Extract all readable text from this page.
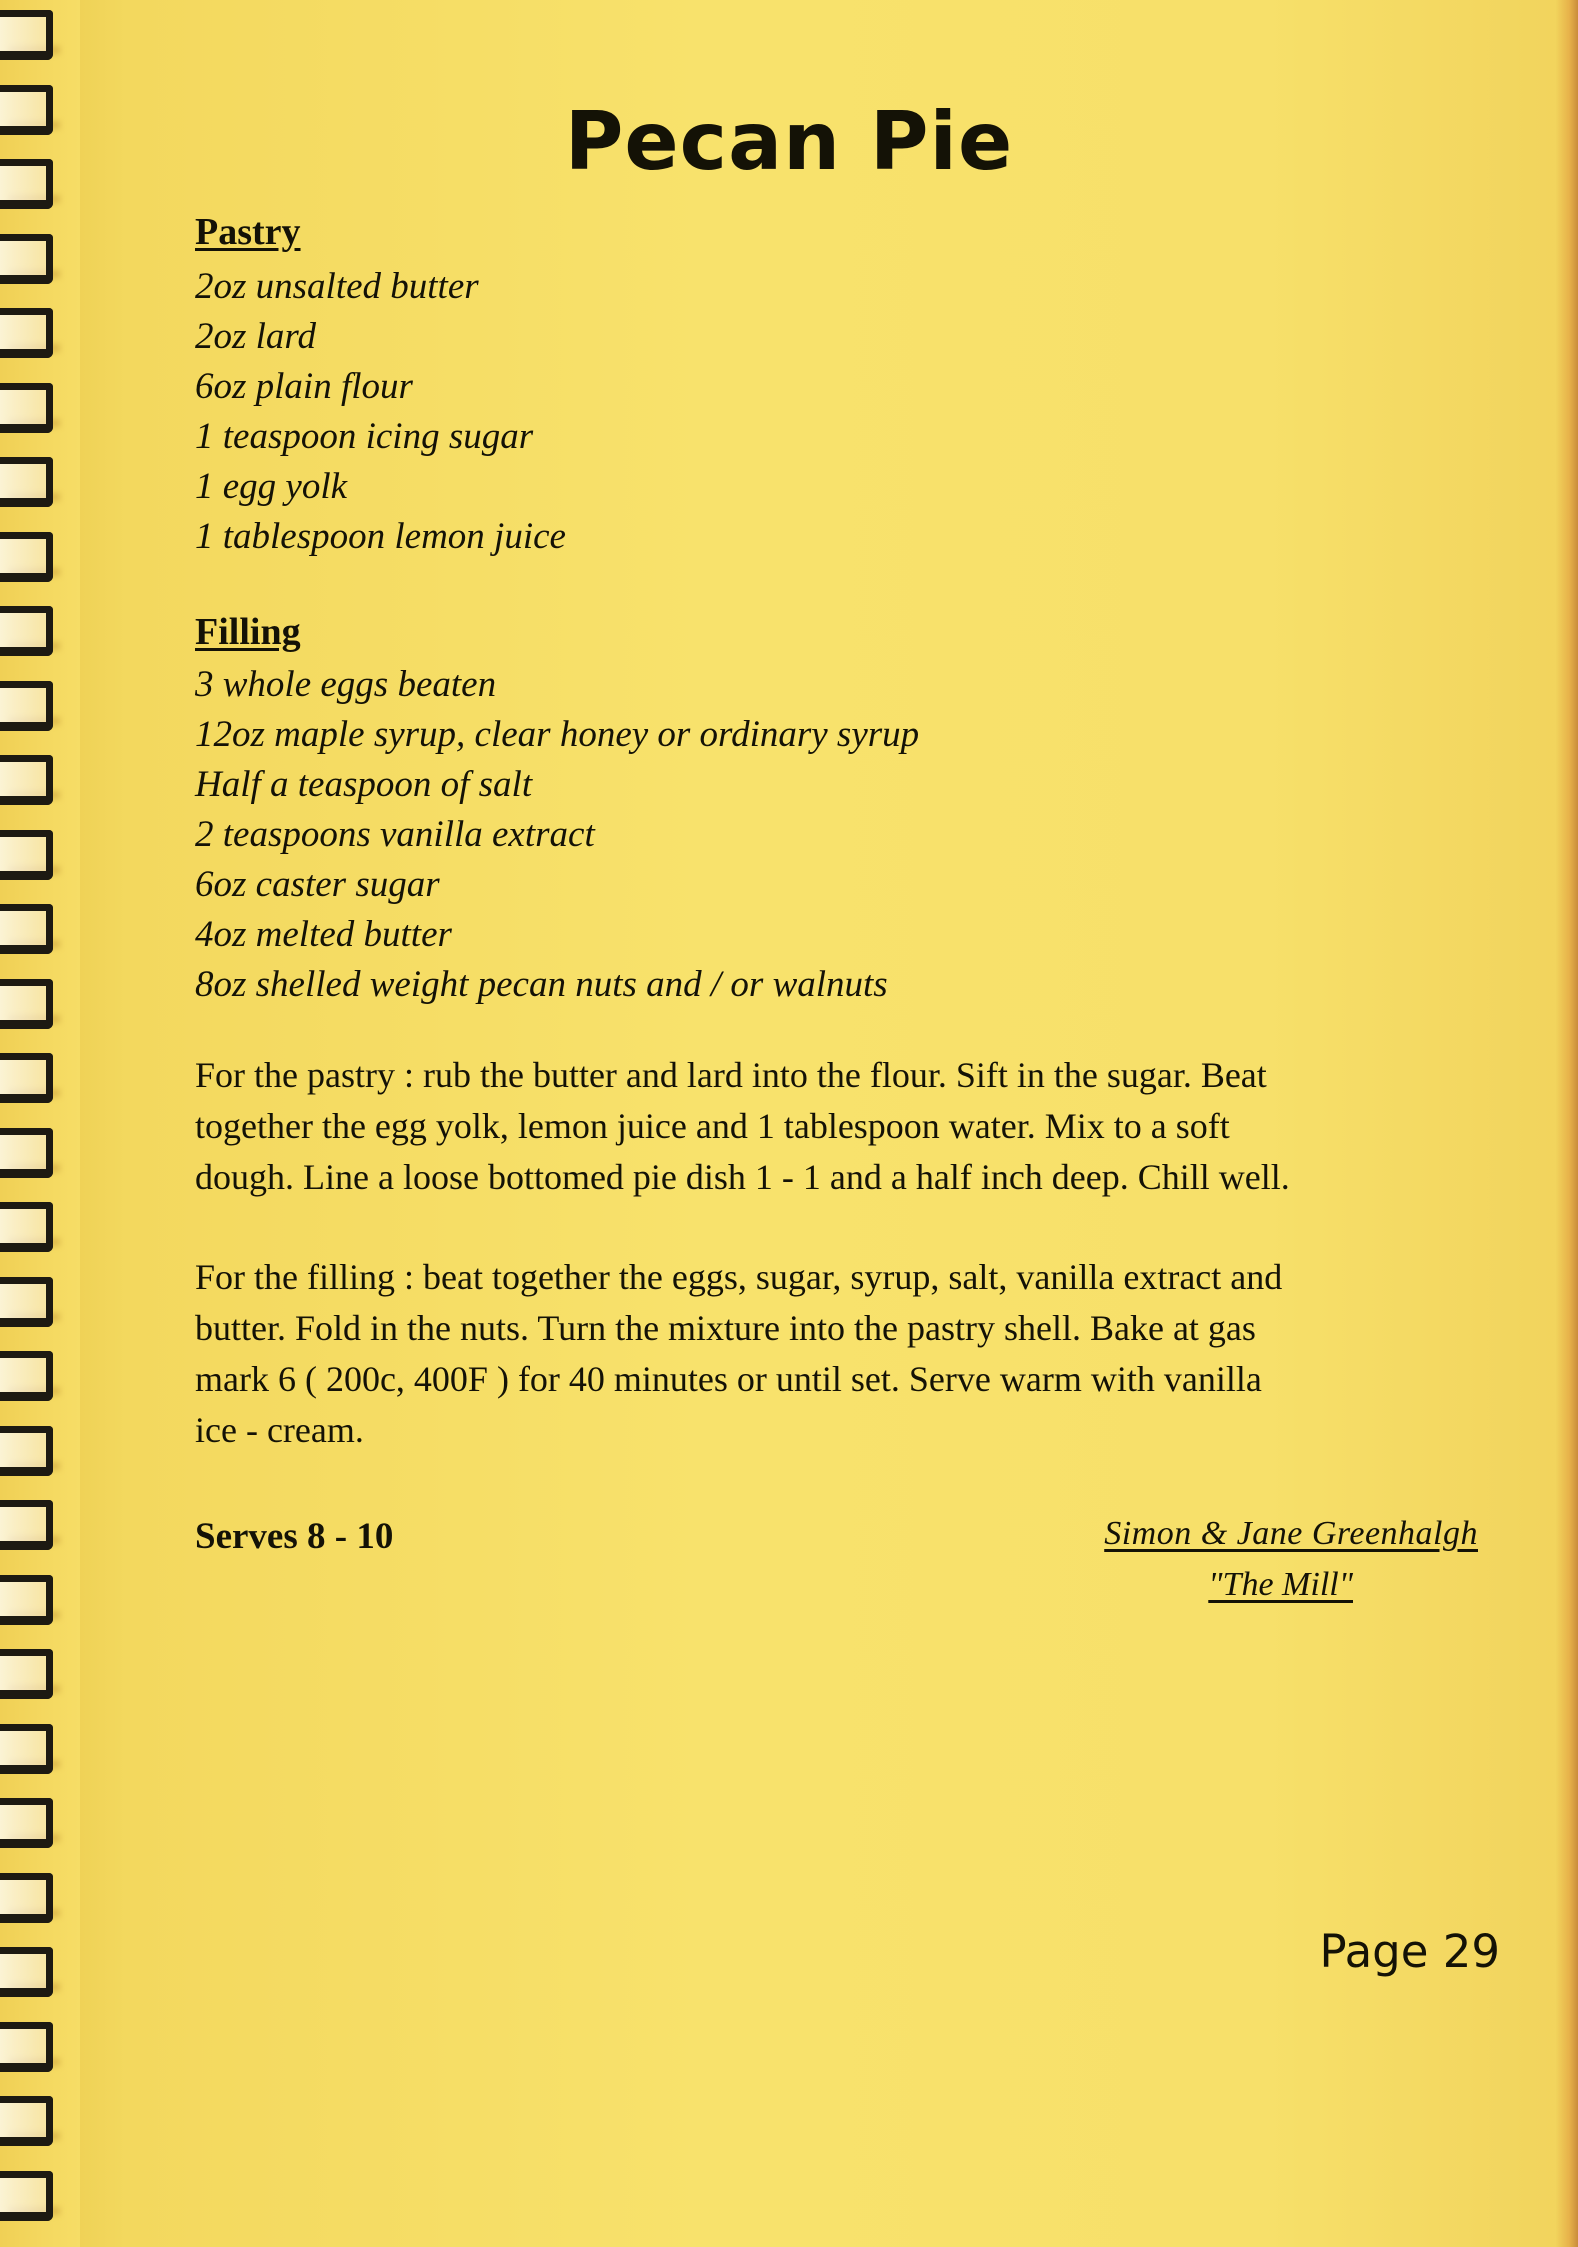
Pecan Pie
Pastry
2oz unsalted butter
2oz lard
6oz plain flour
1 teaspoon icing sugar
1 egg yolk
1 tablespoon lemon juice
Filling
3 whole eggs beaten
12oz maple syrup, clear honey or ordinary syrup
Half a teaspoon of salt
2 teaspoons vanilla extract
6oz caster sugar
4oz melted butter
8oz shelled weight pecan nuts and / or walnuts
For the pastry : rub the butter and lard into the flour. Sift in the sugar. Beat
together the egg yolk, lemon juice and 1 tablespoon water. Mix to a soft
dough. Line a loose bottomed pie dish 1 - 1 and a half inch deep. Chill well.
For the filling : beat together the eggs, sugar, syrup, salt, vanilla extract and
butter. Fold in the nuts. Turn the mixture into the pastry shell. Bake at gas
mark 6 ( 200c, 400F ) for 40 minutes or until set. Serve warm with vanilla
ice - cream.
Serves 8 - 10	Simon & Jane Greenhalgh
"The Mill"
Page 29
